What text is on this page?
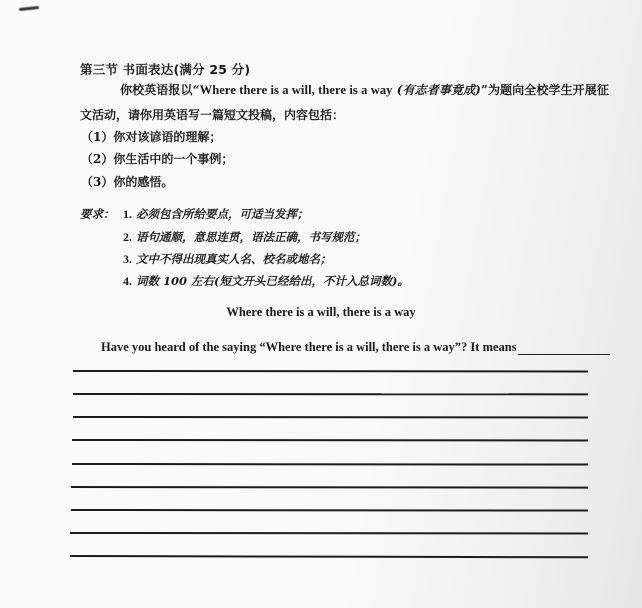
第三节 书面表达(满分 25 分)
你校英语报以“Where there is a will, there is a way (有志者事竟成)”为题向全校学生开展征
文活动，请你用英语写一篇短文投稿，内容包括：
（1）你对该谚语的理解；
（2）你生活中的一个事例；
（3）你的感悟。
要求： 1. 必须包含所给要点，可适当发挥；
2. 语句通顺，意思连贯，语法正确，书写规范；
3. 文中不得出现真实人名、校名或地名；
4. 词数 100 左右(短文开头已经给出，不计入总词数)。
Where there is a will, there is a way
Have you heard of the saying “Where there is a will, there is a way”? It means
